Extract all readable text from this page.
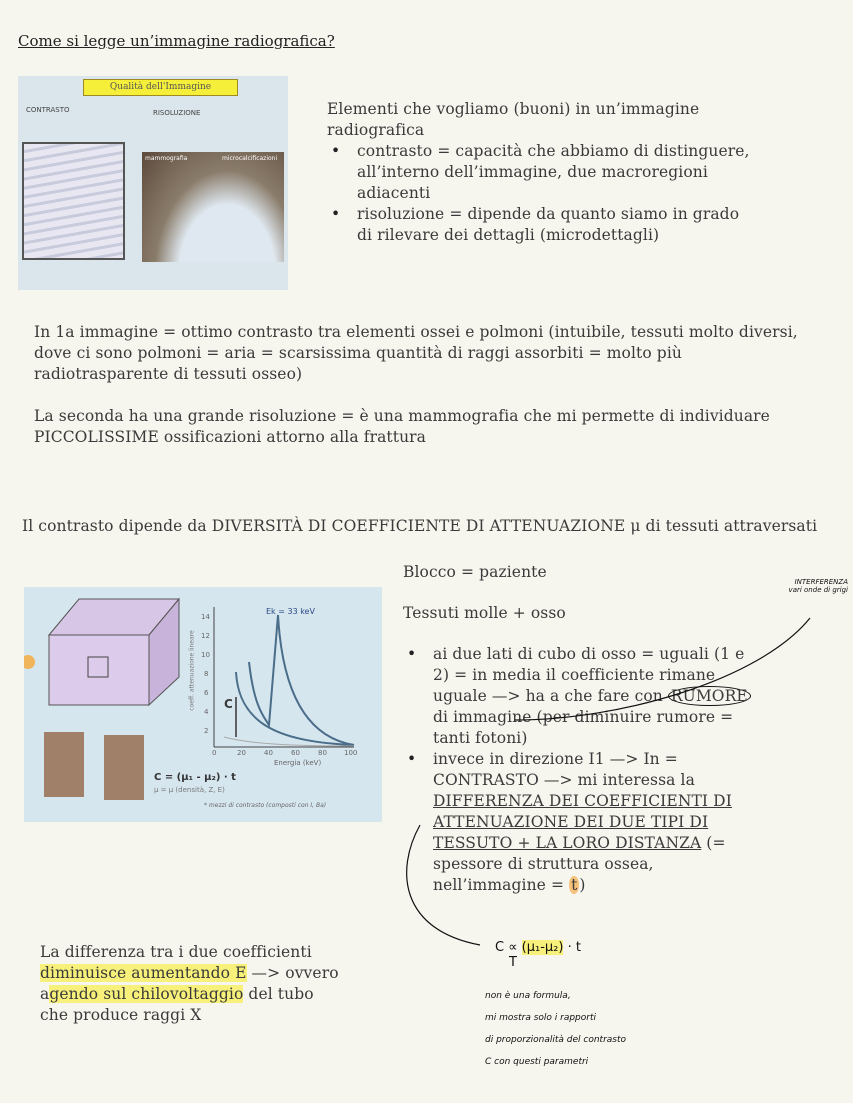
Come si legge un’immagine radiografica?
Qualità dell'Immagine
CONTRASTO	RISOLUZIONE
mammografia	microcalcificazioni
Elementi che vogliamo (buoni) in un’immagine radiografica
• contrasto = capacità che abbiamo di distinguere, all’interno dell’immagine, due macroregioni adiacenti
• risoluzione = dipende da quanto siamo in grado di rilevare dei dettagli (microdettagli)
In 1a immagine = ottimo contrasto tra elementi ossei e polmoni (intuibile, tessuti molto diversi, dove ci sono polmoni = aria = scarsissima quantità di raggi assorbiti = molto più radiotrasparente di tessuti osseo)
La seconda ha una grande risoluzione = è una mammografia che mi permette di individuare PICCOLISSIME ossificazioni attorno alla frattura
Il contrasto dipende da DIVERSITÀ DI COEFFICIENTE DI ATTENUAZIONE μ di tessuti attraversati
coeff. attenuazione lineare
2
4
6
8
10
12
14
0	20	40	60	80 100
Ek = 33 keV
C
Energia (keV)
C = (μ₁ - μ₂) · t
μ = μ (densità, Z, E)
* mezzi di contrasto (composti con I, Ba)
Blocco = paziente
Tessuti molle + osso
• ai due lati di cubo di osso = uguali (1 e 2) = in media il coefficiente rimane uguale —> ha a che fare con RUMORE di immagine (per diminuire rumore = tanti fotoni)
• invece in direzione I1 —> In = CONTRASTO —> mi interessa la DIFFERENZA DEI COEFFICIENTI DI ATTENUAZIONE DEI DUE TIPI DI TESSUTO + LA LORO DISTANZA (= spessore di struttura ossea, nell’immagine = t )
La differenza tra i due coefficienti diminuisce aumentando E —> ovvero agendo sul chilovoltaggio del tubo che produce raggi X
INTERFERENZA
vari onde di grigi
C ∝ (μ₁-μ₂) · t
T
non è una formula,
mi mostra solo i rapporti
di proporzionalità del contrasto
C con questi parametri
